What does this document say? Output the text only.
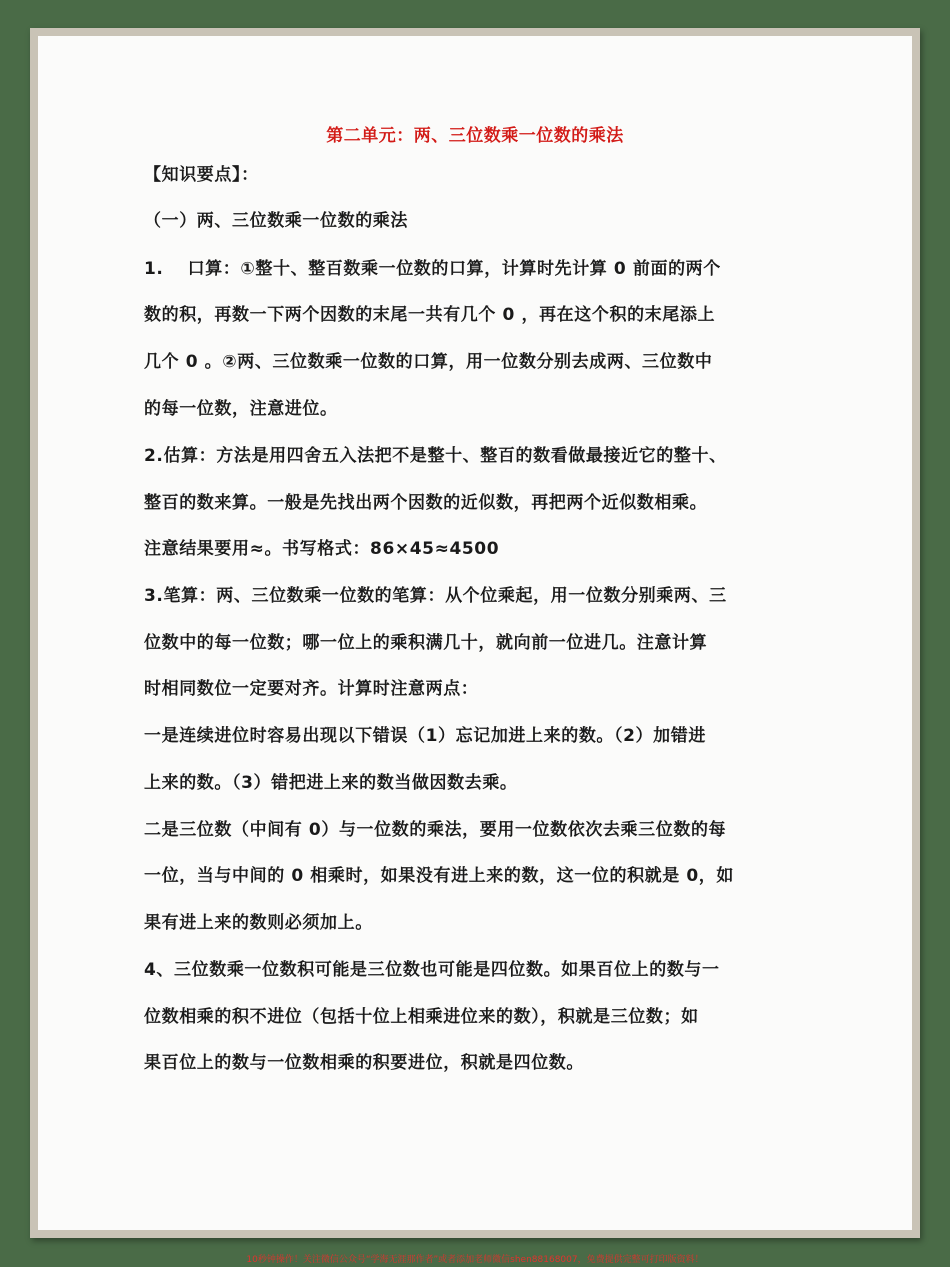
第二单元：两、三位数乘一位数的乘法
【知识要点】：
（一）两、三位数乘一位数的乘法
1.　 口算：①整十、整百数乘一位数的口算，计算时先计算 0 前面的两个
数的积，再数一下两个因数的末尾一共有几个 0 ，再在这个积的末尾添上
几个 0 。②两、三位数乘一位数的口算，用一位数分别去成两、三位数中
的每一位数，注意进位。
2.估算：方法是用四舍五入法把不是整十、整百的数看做最接近它的整十、
整百的数来算。一般是先找出两个因数的近似数，再把两个近似数相乘。
注意结果要用≈。书写格式：86×45≈4500
3.笔算：两、三位数乘一位数的笔算：从个位乘起，用一位数分别乘两、三
位数中的每一位数；哪一位上的乘积满几十，就向前一位进几。注意计算
时相同数位一定要对齐。计算时注意两点：
一是连续进位时容易出现以下错误（1）忘记加进上来的数。（2）加错进
上来的数。（3）错把进上来的数当做因数去乘。
二是三位数（中间有 0）与一位数的乘法，要用一位数依次去乘三位数的每
一位，当与中间的 0 相乘时，如果没有进上来的数，这一位的积就是 0，如
果有进上来的数则必须加上。
4、三位数乘一位数积可能是三位数也可能是四位数。如果百位上的数与一
位数相乘的积不进位（包括十位上相乘进位来的数），积就是三位数；如
果百位上的数与一位数相乘的积要进位，积就是四位数。
10秒钟操作！关注微信公众号“学海无涯那作者”或者添加老师微信shen88168007，免费提供完整可打印版资料！
